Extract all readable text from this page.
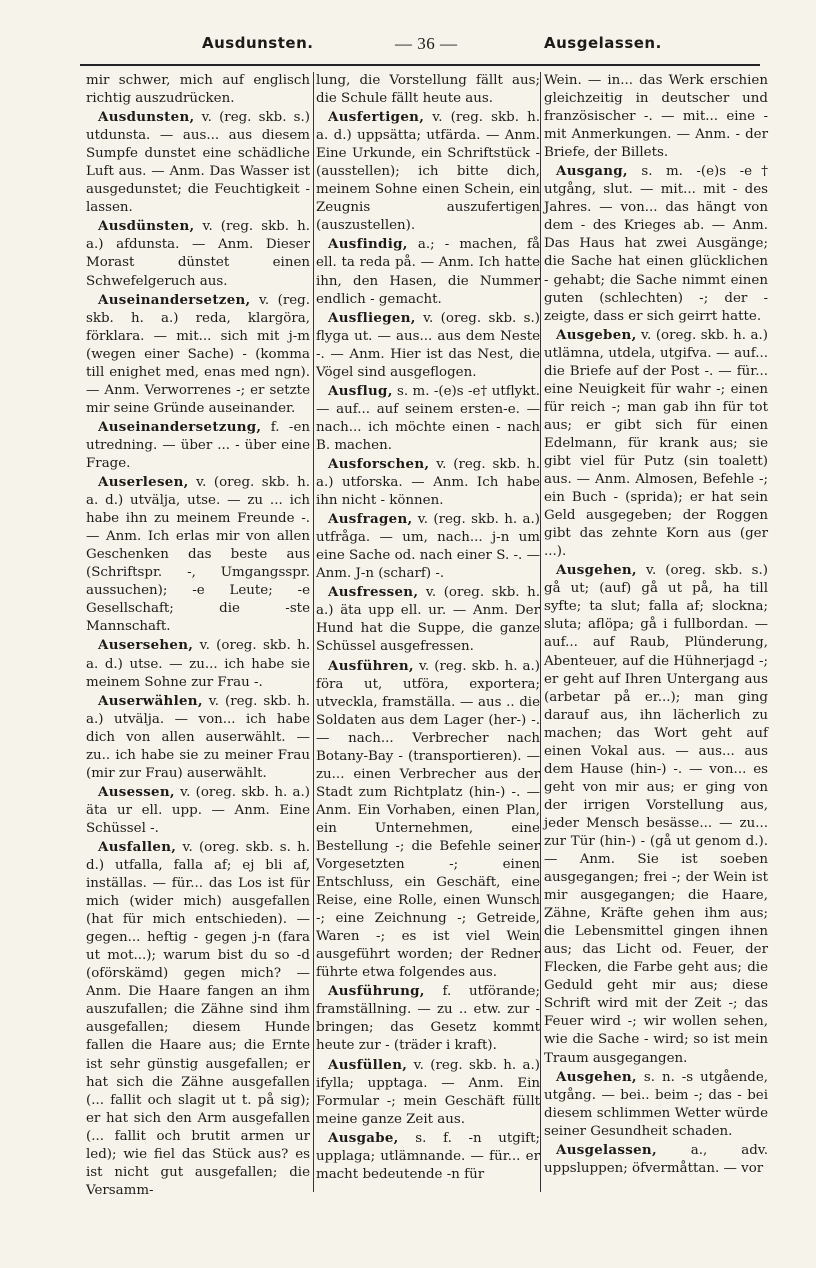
Ausdunsten.	— 36 —	Ausgelassen.

mir schwer, mich auf englisch richtig auszudrücken.

Ausdunsten, v. (reg. skb. s.) utdunsta. — aus... aus diesem Sumpfe dunstet eine schädliche Luft aus. — Anm. Das Wasser ist ausgedunstet; die Feuchtigkeit - lassen.

Ausdünsten, v. (reg. skb. h. a.) afdunsta. — Anm. Dieser Morast dünstet einen Schwefelgeruch aus.

Auseinandersetzen, v. (reg. skb. h. a.) reda, klargöra, förklara. — mit... sich mit j-m (wegen einer Sache) - (komma till enighet med, enas med ngn). — Anm. Verworrenes -; er setzte mir seine Gründe auseinander.

Auseinandersetzung, f. -en utredning. — über ... - über eine Frage.

Auserlesen, v. (oreg. skb. h. a. d.) utvälja, utse. — zu ... ich habe ihn zu meinem Freunde -. — Anm. Ich erlas mir von allen Geschenken das beste aus (Schriftspr. -, Umgangsspr. aussuchen); -e Leute; -e Gesellschaft; die -ste Mannschaft.

Ausersehen, v. (oreg. skb. h. a. d.) utse. — zu... ich habe sie meinem Sohne zur Frau -.

Auserwählen, v. (reg. skb. h. a.) utvälja. — von... ich habe dich von allen auserwählt. — zu.. ich habe sie zu meiner Frau (mir zur Frau) auserwählt.

Ausessen, v. (oreg. skb. h. a.) äta ur ell. upp. — Anm. Eine Schüssel -.

Ausfallen, v. (oreg. skb. s. h. d.) utfalla, falla af; ej bli af, inställas. — für... das Los ist für mich (wider mich) ausgefallen (hat für mich entschieden). — gegen... heftig - gegen j-n (fara ut mot...); warum bist du so -d (oförskämd) gegen mich? — Anm. Die Haare fangen an ihm auszufallen; die Zähne sind ihm ausgefallen; diesem Hunde fallen die Haare aus; die Ernte ist sehr günstig ausgefallen; er hat sich die Zähne ausgefallen (... fallit och slagit ut t. på sig); er hat sich den Arm ausgefallen (... fallit och brutit armen ur led); wie fiel das Stück aus? es ist nicht gut ausgefallen; die Versamm-

lung, die Vorstellung fällt aus; die Schule fällt heute aus.

Ausfertigen, v. (reg. skb. h. a. d.) uppsätta; utfärda. — Anm. Eine Urkunde, ein Schriftstück - (ausstellen); ich bitte dich, meinem Sohne einen Schein, ein Zeugnis auszufertigen (auszustellen).

Ausfindig, a.; - machen, få ell. ta reda på. — Anm. Ich hatte ihn, den Hasen, die Nummer endlich - gemacht.

Ausfliegen, v. (oreg. skb. s.) flyga ut. — aus... aus dem Neste -. — Anm. Hier ist das Nest, die Vögel sind ausgeflogen.

Ausflug, s. m. -(e)s -e† utflykt. — auf... auf seinem ersten-e. — nach... ich möchte einen - nach B. machen.

Ausforschen, v. (reg. skb. h. a.) utforska. — Anm. Ich habe ihn nicht - können.

Ausfragen, v. (reg. skb. h. a.) utfråga. — um, nach... j-n um eine Sache od. nach einer S. -. — Anm. J-n (scharf) -.

Ausfressen, v. (oreg. skb. h. a.) äta upp ell. ur. — Anm. Der Hund hat die Suppe, die ganze Schüssel ausgefressen.

Ausführen, v. (reg. skb. h. a.) föra ut, utföra, exportera; utveckla, framställa. — aus .. die Soldaten aus dem Lager (her-) -. — nach... Verbrecher nach Botany-Bay - (transportieren). — zu... einen Verbrecher aus der Stadt zum Richtplatz (hin-) -. — Anm. Ein Vorhaben, einen Plan, ein Unternehmen, eine Bestellung -; die Befehle seiner Vorgesetzten -; einen Entschluss, ein Geschäft, eine Reise, eine Rolle, einen Wunsch -; eine Zeichnung -; Getreide, Waren -; es ist viel Wein ausgeführt worden; der Redner führte etwa folgendes aus.

Ausführung, f. utförande; framställning. — zu .. etw. zur - bringen; das Gesetz kommt heute zur - (träder i kraft).

Ausfüllen, v. (reg. skb. h. a.) ifylla; upptaga. — Anm. Ein Formular -; mein Geschäft füllt meine ganze Zeit aus.

Ausgabe, s. f. -n utgift; upplaga; utlämnande. — für... er macht bedeutende -n für

Wein. — in... das Werk erschien gleichzeitig in deutscher und französischer -. — mit... eine - mit Anmerkungen. — Anm. - der Briefe, der Billets.

Ausgang, s. m. -(e)s -e† utgång, slut. — mit... mit - des Jahres. — von... das hängt von dem - des Krieges ab. — Anm. Das Haus hat zwei Ausgänge; die Sache hat einen glücklichen - gehabt; die Sache nimmt einen guten (schlechten) -; der - zeigte, dass er sich geirrt hatte.

Ausgeben, v. (oreg. skb. h. a.) utlämna, utdela, utgifva. — auf... die Briefe auf der Post -. — für... eine Neuigkeit für wahr -; einen für reich -; man gab ihn für tot aus; er gibt sich für einen Edelmann, für krank aus; sie gibt viel für Putz (sin toalett) aus. — Anm. Almosen, Befehle -; ein Buch - (sprida); er hat sein Geld ausgegeben; der Roggen gibt das zehnte Korn aus (ger ...).

Ausgehen, v. (oreg. skb. s.) gå ut; (auf) gå ut på, ha till syfte; ta slut; falla af; slockna; sluta; aflöpa; gå i fullbordan. — auf... auf Raub, Plünderung, Abenteuer, auf die Hühnerjagd -; er geht auf Ihren Untergang aus (arbetar på er...); man ging darauf aus, ihn lächerlich zu machen; das Wort geht auf einen Vokal aus. — aus... aus dem Hause (hin-) -. — von... es geht von mir aus; er ging von der irrigen Vorstellung aus, jeder Mensch besässe... — zu... zur Tür (hin-) - (gå ut genom d.). — Anm. Sie ist soeben ausgegangen; frei -; der Wein ist mir ausgegangen; die Haare, Zähne, Kräfte gehen ihm aus; die Lebensmittel gingen ihnen aus; das Licht od. Feuer, der Flecken, die Farbe geht aus; die Geduld geht mir aus; diese Schrift wird mit der Zeit -; das Feuer wird -; wir wollen sehen, wie die Sache - wird; so ist mein Traum ausgegangen.

Ausgehen, s. n. -s utgående, utgång. — bei.. beim -; das - bei diesem schlimmen Wetter würde seiner Gesundheit schaden.

Ausgelassen, a., adv. uppsluppen; öfvermåttan. — vor
